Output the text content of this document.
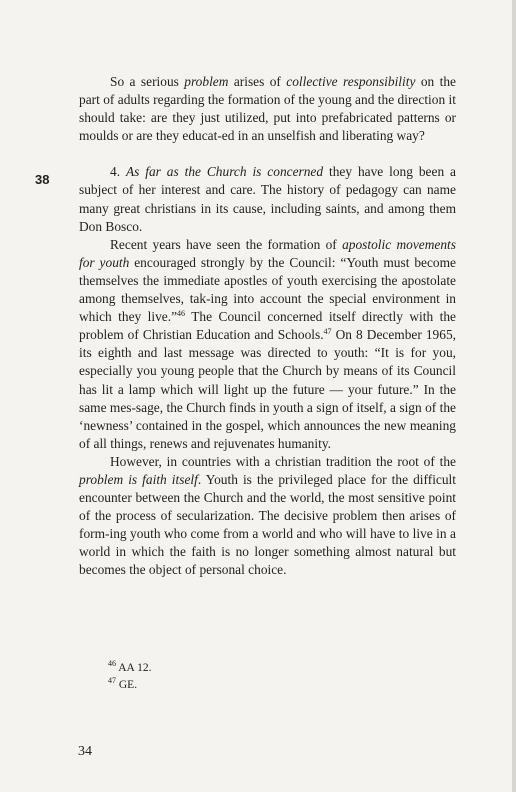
38

So a serious problem arises of collective responsibility on the part of adults regarding the formation of the young and the direction it should take: are they just utilized, put into prefabricated patterns or moulds or are they educat-ed in an unselfish and liberating way?

4. As far as the Church is concerned they have long been a subject of her interest and care. The history of pedagogy can name many great christians in its cause, including saints, and among them Don Bosco.

Recent years have seen the formation of apostolic movements for youth encouraged strongly by the Council: “Youth must become themselves the immediate apostles of youth exercising the apostolate among themselves, tak-ing into account the special environment in which they live.”$^{46}$ The Council concerned itself directly with the problem of Christian Education and Schools.$^{47}$ On 8 December 1965, its eighth and last message was directed to youth: “It is for you, especially you young people that the Church by means of its Council has lit a lamp which will light up the future — your future.” In the same mes-sage, the Church finds in youth a sign of itself, a sign of the ‘newness’ contained in the gospel, which announces the new meaning of all things, renews and rejuvenates humanity.

However, in countries with a christian tradition the root of the problem is faith itself. Youth is the privileged place for the difficult encounter between the Church and the world, the most sensitive point of the process of secularization. The decisive problem then arises of form-ing youth who come from a world and who will have to live in a world in which the faith is no longer something almost natural but becomes the object of personal choice.

$^{46}$ AA 12.
$^{47}$ GE.
34
